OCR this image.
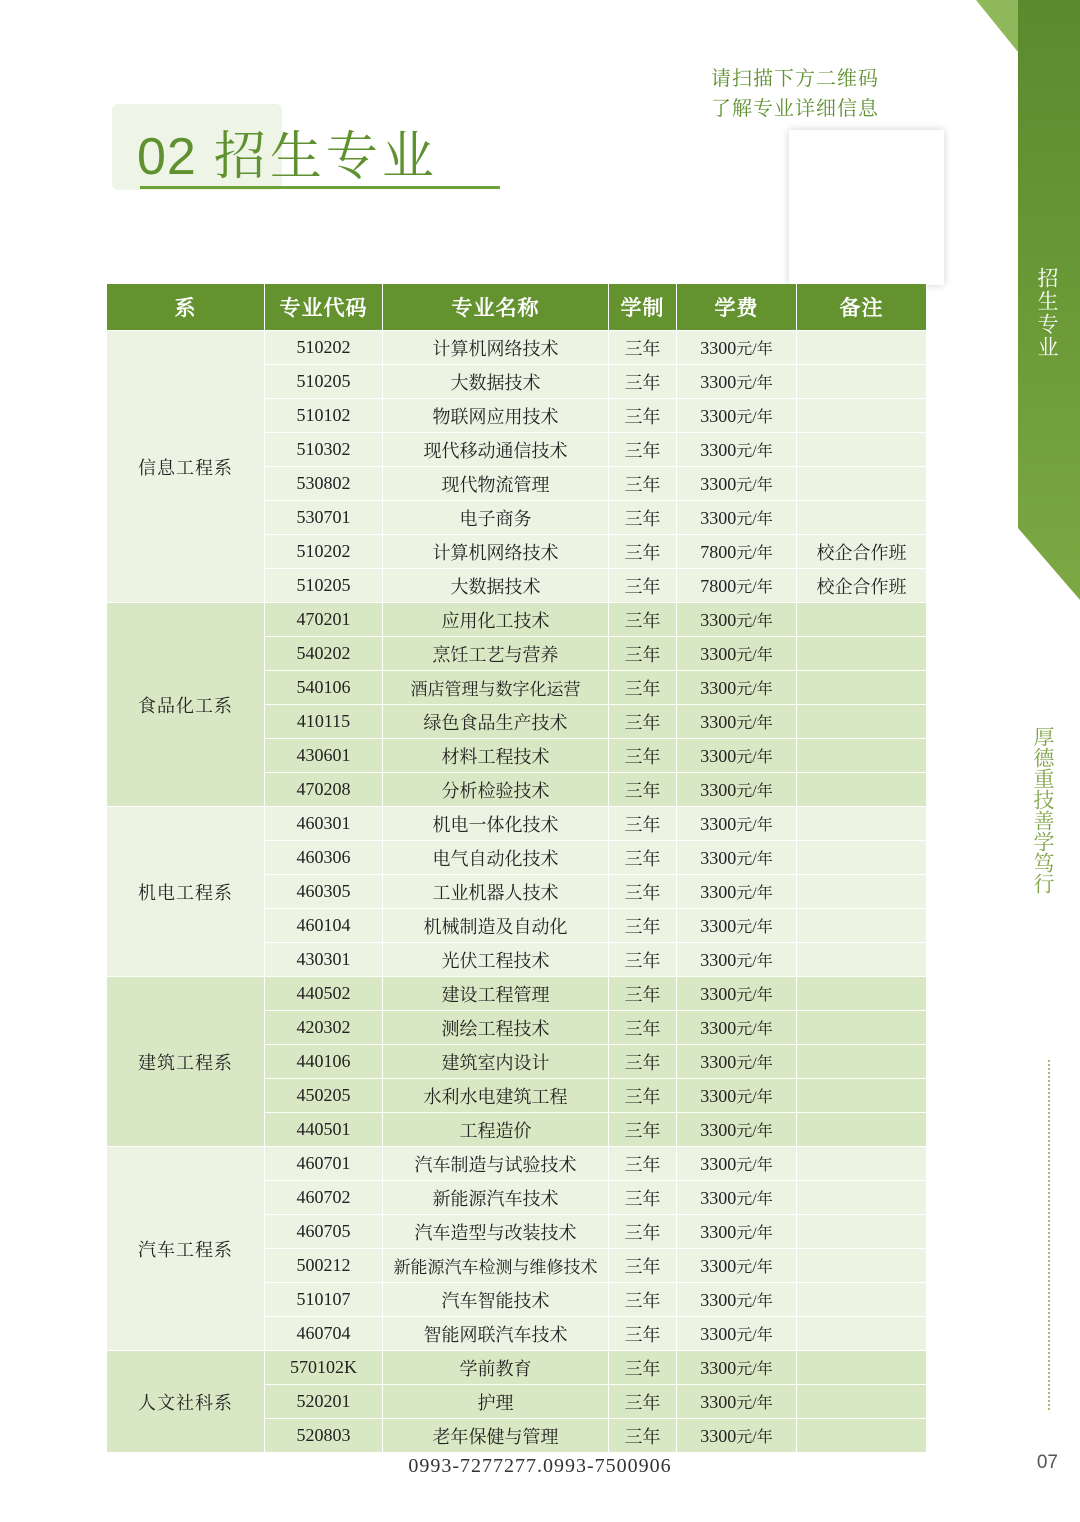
招生专业
厚德重技善学笃行
02 招生专业
请扫描下方二维码
了解专业详细信息
系	专业代码	专业名称	学制	学费	备注
信息工程系	510202	计算机网络技术	三年	3300元/年	
	510205	大数据技术	三年	3300元/年	
	510102	物联网应用技术	三年	3300元/年	
	510302	现代移动通信技术	三年	3300元/年	
	530802	现代物流管理	三年	3300元/年	
	530701	电子商务	三年	3300元/年	
	510202	计算机网络技术	三年	7800元/年	校企合作班
	510205	大数据技术	三年	7800元/年	校企合作班
食品化工系	470201	应用化工技术	三年	3300元/年	
	540202	烹饪工艺与营养	三年	3300元/年	
	540106	酒店管理与数字化运营	三年	3300元/年	
	410115	绿色食品生产技术	三年	3300元/年	
	430601	材料工程技术	三年	3300元/年	
	470208	分析检验技术	三年	3300元/年	
机电工程系	460301	机电一体化技术	三年	3300元/年	
	460306	电气自动化技术	三年	3300元/年	
	460305	工业机器人技术	三年	3300元/年	
	460104	机械制造及自动化	三年	3300元/年	
	430301	光伏工程技术	三年	3300元/年	
建筑工程系	440502	建设工程管理	三年	3300元/年	
	420302	测绘工程技术	三年	3300元/年	
	440106	建筑室内设计	三年	3300元/年	
	450205	水利水电建筑工程	三年	3300元/年	
	440501	工程造价	三年	3300元/年	
汽车工程系	460701	汽车制造与试验技术	三年	3300元/年	
	460702	新能源汽车技术	三年	3300元/年	
	460705	汽车造型与改装技术	三年	3300元/年	
	500212	新能源汽车检测与维修技术	三年	3300元/年	
	510107	汽车智能技术	三年	3300元/年	
	460704	智能网联汽车技术	三年	3300元/年	
人文社科系	570102K	学前教育	三年	3300元/年	
	520201	护理	三年	3300元/年	
	520803	老年保健与管理	三年	3300元/年	
0993-7277277.0993-7500906	07
